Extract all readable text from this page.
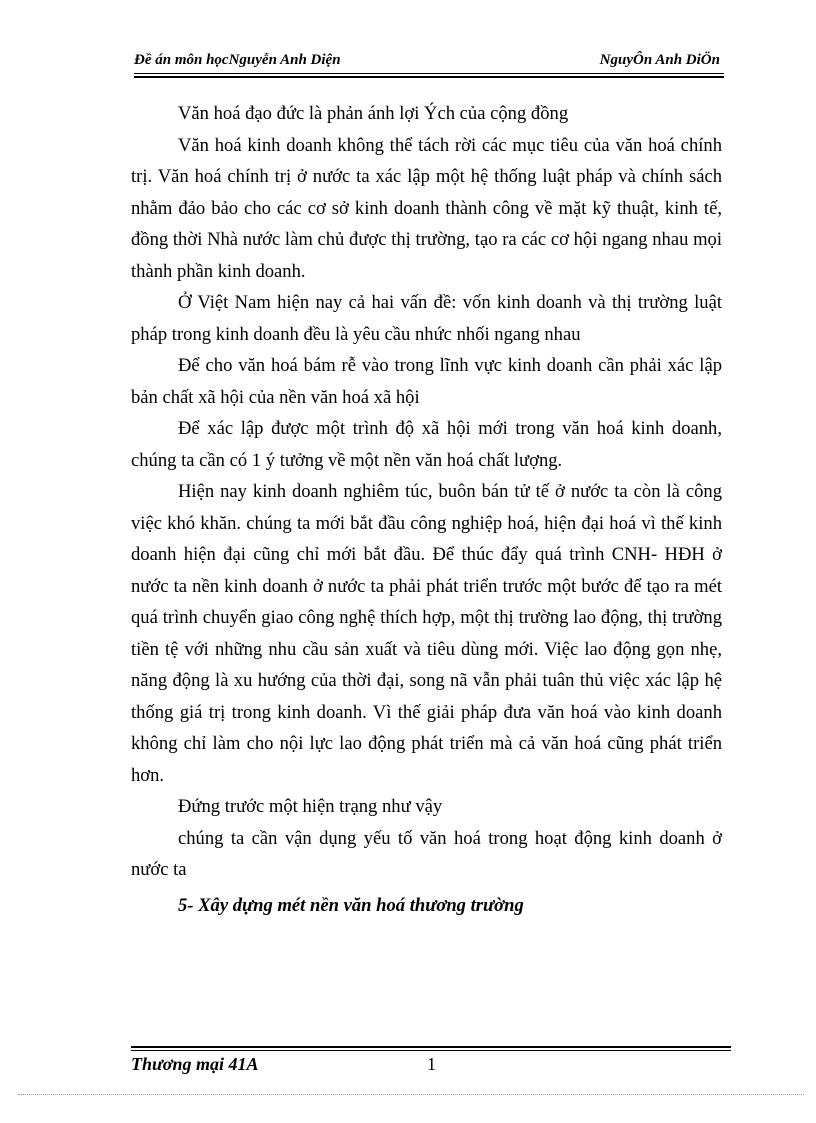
Đề án môn họcNguyễn Anh Diện	NguyÔn Anh DiÖn

Văn hoá đạo đức là phản ánh lợi Ých của cộng đồng

Văn hoá kinh doanh không thể tách rời các mục tiêu của văn hoá chính trị. Văn hoá chính trị ở nước ta xác lập một hệ thống luật pháp và chính sách nhằm đảo bảo cho các cơ sở kinh doanh thành công về mặt kỹ thuật, kinh tế, đồng thời Nhà nước làm chủ được thị trường, tạo ra các cơ hội ngang nhau mọi thành phần kinh doanh.

Ở Việt Nam hiện nay cả hai vấn đề: vốn kinh doanh và thị trường luật pháp trong kinh doanh đều là yêu cầu nhức nhối ngang nhau

Để cho văn hoá bám rễ vào trong lĩnh vực kinh doanh cần phải xác lập bản chất xã hội của nền văn hoá xã hội

Để xác lập được một trình độ xã hội mới trong văn hoá kinh doanh, chúng ta cần có 1 ý tưởng về một nền văn hoá chất lượng.

Hiện nay kinh doanh nghiêm túc, buôn bán tử tế ở nước ta còn là công việc khó khăn. chúng ta mới bắt đầu công nghiệp hoá, hiện đại hoá vì thế kinh doanh hiện đại cũng chỉ mới bắt đầu. Để thúc đẩy quá trình CNH- HĐH ở nước ta nền kinh doanh ở nước ta phải phát triển trước một bước để tạo ra mét quá trình chuyển giao công nghệ thích hợp, một thị trường lao động, thị trường tiền tệ với những nhu cầu sản xuất và tiêu dùng mới. Việc lao động gọn nhẹ, năng động là xu hướng của thời đại, song nã vẫn phải tuân thủ việc xác lập hệ thống giá trị trong kinh doanh. Vì thế giải pháp đưa văn hoá vào kinh doanh không chỉ làm cho nội lực lao động phát triển mà cả văn hoá cũng phát triển hơn.

Đứng trước một hiện trạng như vậy

chúng ta cần vận dụng yếu tố văn hoá trong hoạt động kinh doanh ở nước ta

5- Xây dựng mét nền văn hoá thương trường

Thương mại 41A	1
